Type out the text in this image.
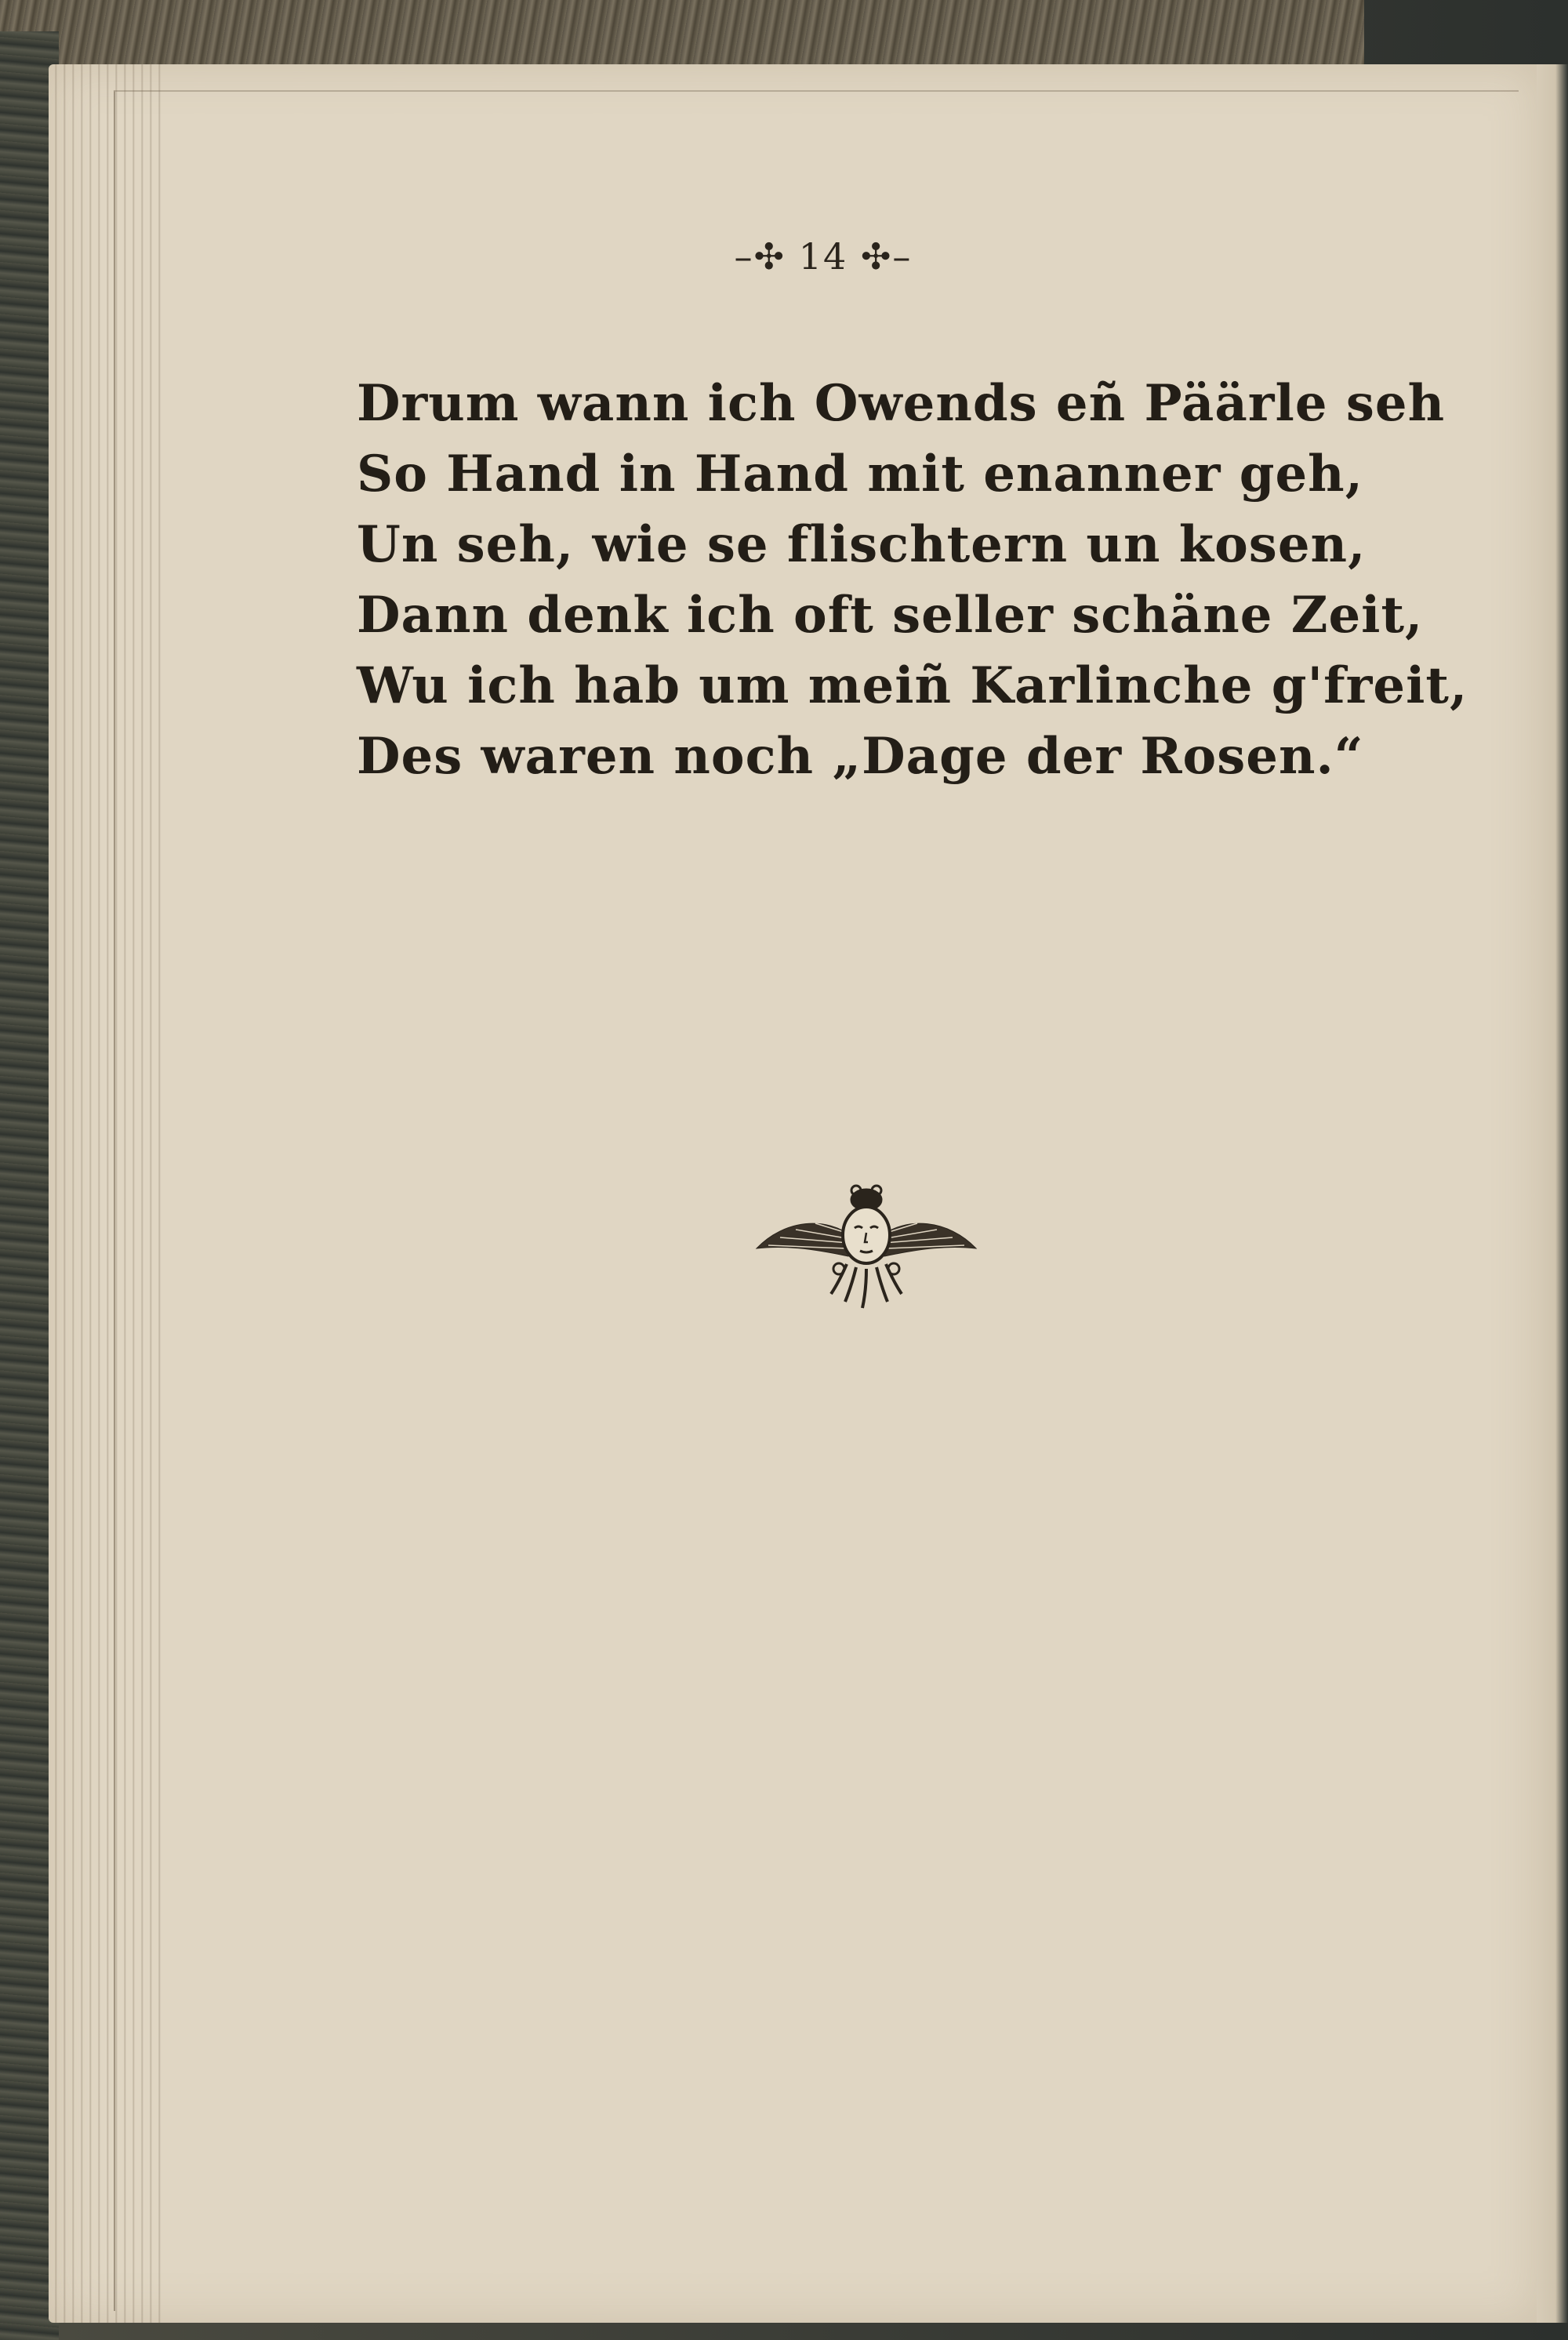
–✣ 14 ✣–
Drum wann ich Owends eñ Päärle seh
So Hand in Hand mit enanner geh,
Un seh, wie se flischtern un kosen,
Dann denk ich oft seller schäne Zeit,
Wu ich hab um meiñ Karlinche g'freit,
Des waren noch „Dage der Rosen.“
